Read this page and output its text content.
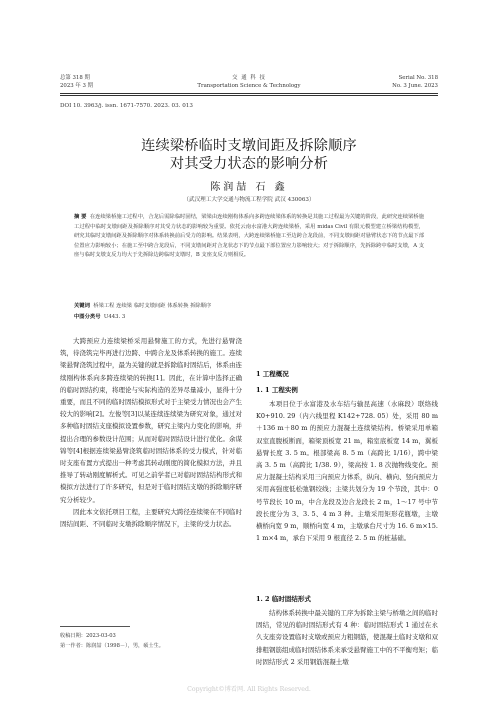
总第 318 期
2023 年 3 期
交 通 科 技
Transportation Science & Technology
Serial No. 318
No. 3 June. 2023
DOI 10. 3963/j. issn. 1671-7570. 2023. 03. 013
连续梁桥临时支墩间距及拆除顺序
对其受力状态的影响分析
陈润喆 石 鑫
（武汉理工大学交通与物流工程学院 武汉 430063）
摘 要 在连续梁桥施工过程中，合龙后需除临时固结，梁梁由连续刚构体系向多跨连续梁体系的转换是其施工过程最为关键的阶段，此研究连续梁桥施工过程中临时支墩间距及拆除顺序对其受力状态的影响较为重要。依托云南水富港大跨连续梁桥，采用 midas Civil 有限元模型建立桥梁结构模型，研究其临时支墩间距及拆除顺序对体系转换前后受力的影响。结果表明，大跨连续梁桥施工至边跨合龙段前，不同支墩间距对悬臂状态下的节点最下部位置应力影响较小；在施工至中跨合龙段后，不同支墩间距对合龙状态下的节点最下部位置应力影响较大；对于拆除顺序，先拆除跨中临时支墩，A 支座与临时支墩支反力均大于先拆除边跨临时支墩时，B 支座支反力则相反。
关键词 桥梁工程 连续梁 临时支墩间距 体系转换 拆除顺序
中图分类号 U443. 3
大跨预应力连续梁桥采用悬臂施工的方式，先进行悬臂浇筑，待浇筑完毕再进行边跨、中跨合龙及体系转换的施工。连续梁悬臂浇筑过程中，最为关键的就是拆除临时固结后，体系由连续刚构体系向多跨连续梁的转换[1]。因此，在计算中选择正确的临时固结约束，将理论与实际构造的差异尽量减小，显得十分重要，而且不同的临时固结模拟形式对于主梁受力情况也会产生较大的影响[2]。左俊等[3]以某连续连续梁为研究对象，通过对多种临时固结支座模拟设置参数，研究主梁内力变化的影响，并提出合理的参数设计范围；从而对临时固结设计进行优化。余谋锦等[4]根据连续梁悬臂浇筑临时固结体系的受力模式，针对临时支座布置方式提出一种考虑其转动刚度的简化模拟方法，并且推导了转动刚度解析式。可见之前学者已对临时固结结构形式和模拟方法进行了许多研究，但是对于临时固结支墩的拆除顺序研究分析较少。
因此本文依托项目工程，主要研究大跨径连续梁在不同临时固结间距、不同临时支墩拆除顺序情况下，主梁的受力状态。
收稿日期：2023-03-03
第一作者：陈润喆（1998－），男，硕士生。
1 工程概况
1. 1 工程实例
本项目位于水富港及水车结与输昆高速（水麻段）联络线 K0+910. 29（内六线里程 K142+728. 05）处，采用 80 m＋136 m＋80 m 的预应力混凝土连续梁结构。桥梁采用单箱双室直腹板断面，箱梁顶板宽 21 m，箱室底板宽 14 m，翼板悬臂长度 3. 5 m。根部梁高 8. 5 m（高跨比 1/16），跨中梁高 3. 5 m（高跨比 1/38. 9），梁高按 1. 8 次抛物线变化。预应力混凝土结构采用三向预应力体系，纵向、横向、竖向预应力采用高强度低松弛钢绞线；主梁共划分为 19 个节段，其中：0 号节段长 10 m，中合龙段及边合龙段长 2 m，1～17 号中节段长度分为 3、3. 5、4 m 3 种。主墩采用矩形花瓶墩，主墩横桥向宽 9 m，顺桥向宽 4 m，主墩承台尺寸为 16. 6 m×15. 1 m×4 m，承台下采用 9 根直径 2. 5 m 的桩基础。
1. 2 临时固结形式
结构体系转换中最关键的工序为拆除主梁与桥墩之间的临时固结，常见的临时固结形式有 4 种：临时固结形式 1 通过在永久支座旁设置临时支墩或预应力粗钢筋，使混凝土临时支墩和双排粗钢筋组成临时固结体系来承受悬臂施工中的不平衡弯矩；临时固结形式 2 采用钢筋混凝土墩
Copyright©博看网. All Rights Reserved.
